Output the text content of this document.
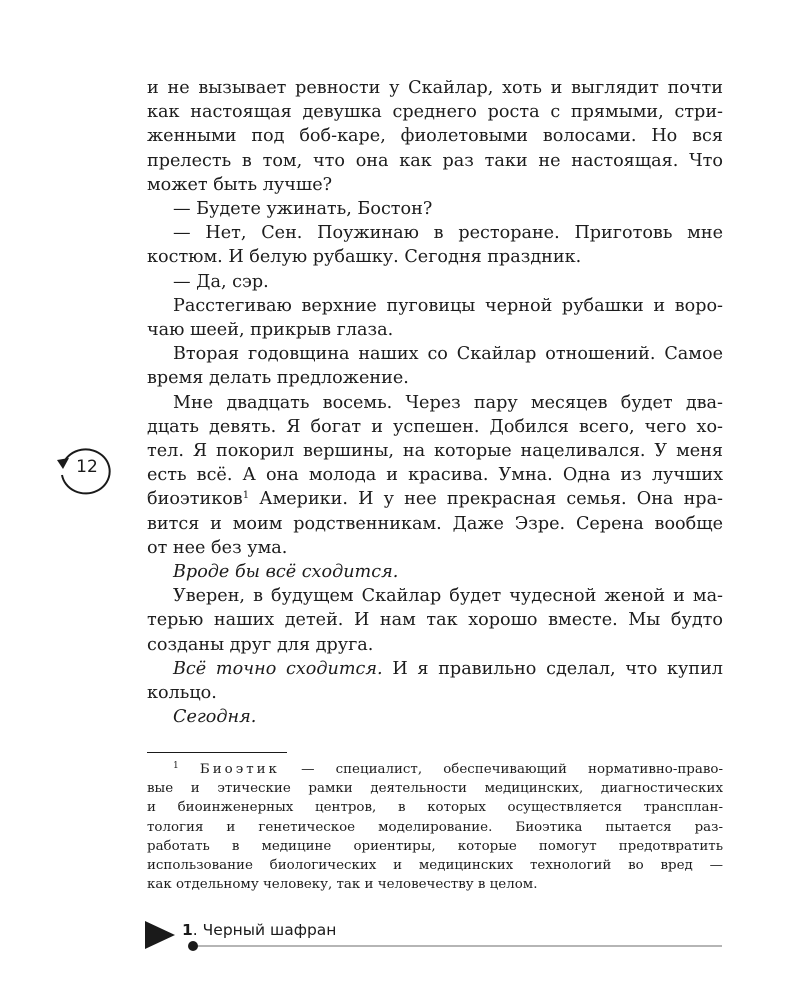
и не вызывает ревности у Скайлар, хоть и выглядит почти
как настоящая девушка среднего роста с прямыми, стри-
женными под боб-каре, фиолетовыми волосами. Но вся
прелесть в том, что она как раз таки не настоящая. Что
может быть лучше?

— Будете ужинать, Бостон?

— Нет, Сен. Поужинаю в ресторане. Приготовь мне
костюм. И белую рубашку. Сегодня праздник.

— Да, сэр.

Расстегиваю верхние пуговицы черной рубашки и воро-
чаю шеей, прикрыв глаза.

Вторая годовщина наших со Скайлар отношений. Самое
время делать предложение.

Мне двадцать восемь. Через пару месяцев будет два-
дцать девять. Я богат и успешен. Добился всего, чего хо-
тел. Я покорил вершины, на которые нацеливался. У меня
есть всё. А она молода и красива. Умна. Одна из лучших
биоэтиков$^1$ Америки. И у нее прекрасная семья. Она нра-
вится и моим родственникам. Даже Эзре. Серена вообще
от нее без ума.

Вроде бы всё сходится.

Уверен, в будущем Скайлар будет чудесной женой и ма-
терью наших детей. И нам так хорошо вместе. Мы будто
созданы друг для друга.

Всё точно сходится. И я правильно сделал, что купил
кольцо.

Сегодня.

12
$^1$ Биоэтик — специалист, обеспечивающий нормативно-право-
вые и этические рамки деятельности медицинских, диагностических
и биоинженерных центров, в которых осуществляется трансплан-
тология и генетическое моделирование. Биоэтика пытается раз-
работать в медицине ориентиры, которые помогут предотвратить
использование биологических и медицинских технологий во вред —
как отдельному человеку, так и человечеству в целом.
1. Черный шафран
